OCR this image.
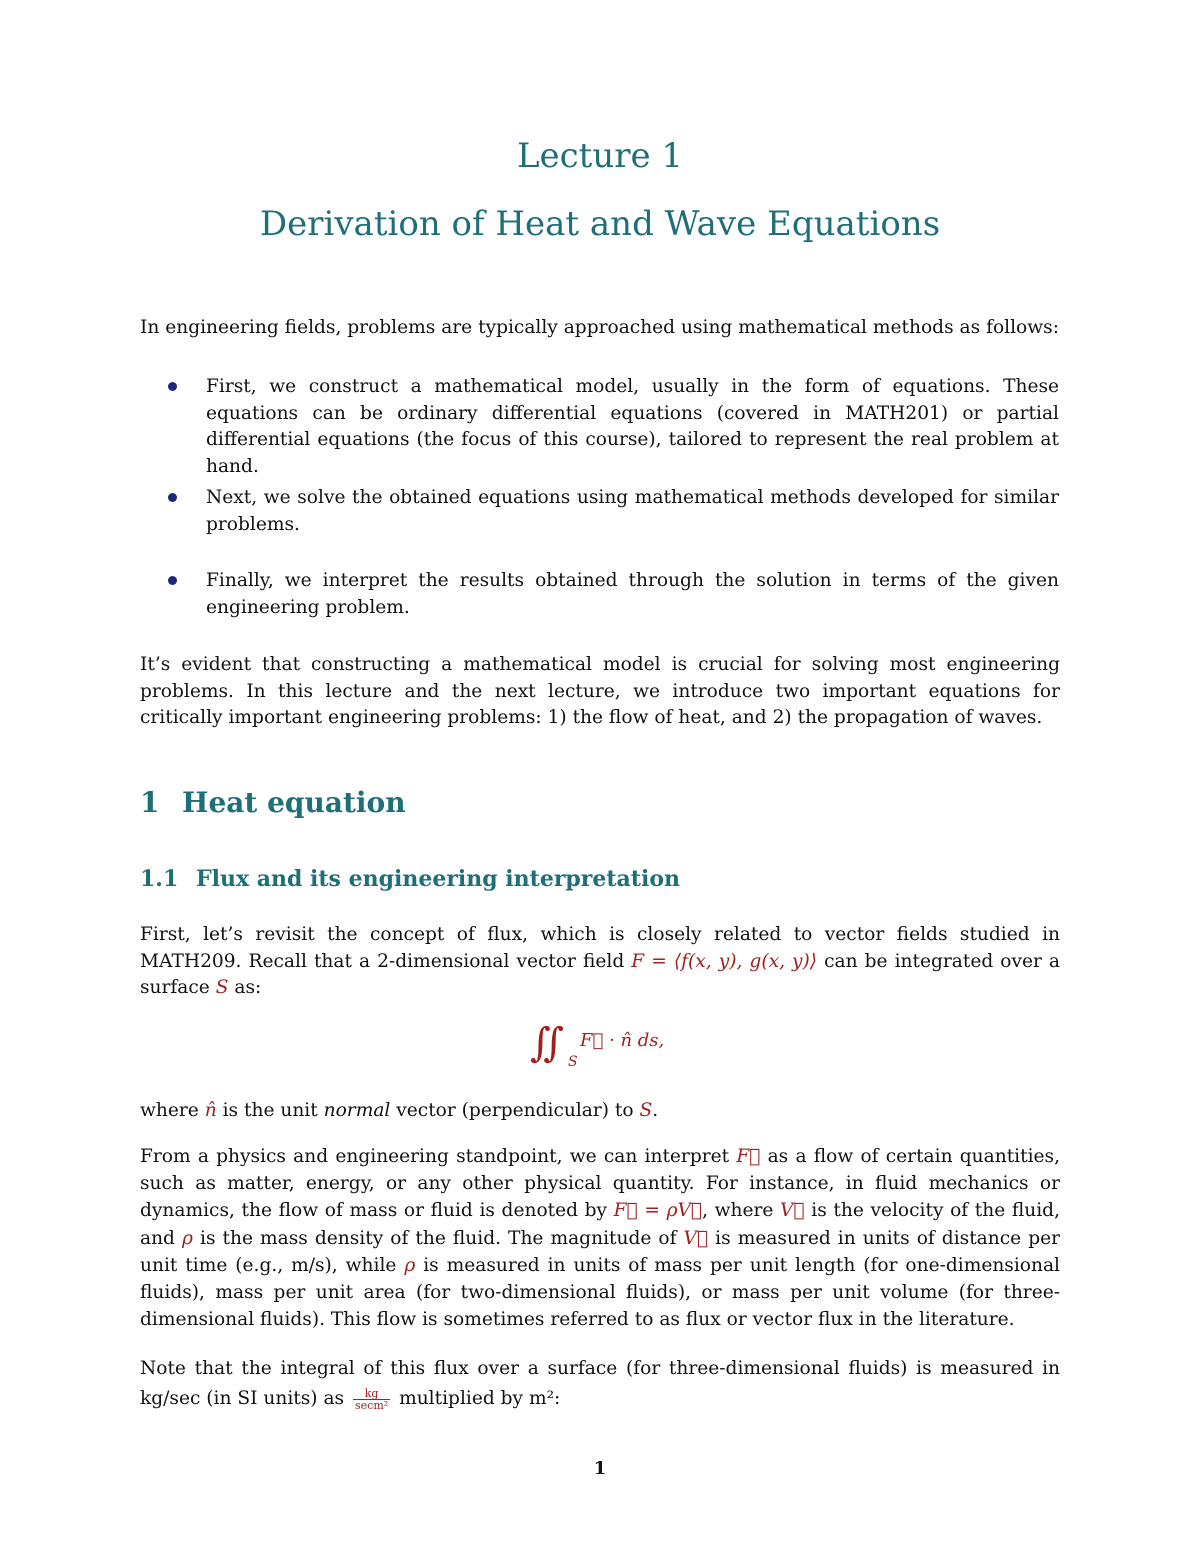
Lecture 1
Derivation of Heat and Wave Equations

In engineering fields, problems are typically approached using mathematical methods as follows:

First, we construct a mathematical model, usually in the form of equations. These equations can be ordinary differential equations (covered in MATH201) or partial differential equations (the focus of this course), tailored to represent the real problem at hand.

Next, we solve the obtained equations using mathematical methods developed for similar problems.

Finally, we interpret the results obtained through the solution in terms of the given engineering problem.

It’s evident that constructing a mathematical model is crucial for solving most engineering problems. In this lecture and the next lecture, we introduce two important equations for critically important engineering problems: 1) the flow of heat, and 2) the propagation of waves.

1 Heat equation
1.1 Flux and its engineering interpretation

First, let’s revisit the concept of flux, which is closely related to vector fields studied in MATH209. Recall that a 2-dimensional vector field F = ⟨f(x, y), g(x, y)⟩ can be integrated over a surface S as:

∬ S
F⃗ · n̂ ds,

where n̂ is the unit normal vector (perpendicular) to S.

From a physics and engineering standpoint, we can interpret F⃗ as a flow of certain quantities, such as matter, energy, or any other physical quantity. For instance, in fluid mechanics or dynamics, the flow of mass or fluid is denoted by F⃗ = ρV⃗, where V⃗ is the velocity of the fluid, and ρ is the mass density of the fluid. The magnitude of V⃗ is measured in units of distance per unit time (e.g., m/s), while ρ is measured in units of mass per unit length (for one-dimensional fluids), mass per unit area (for two-dimensional fluids), or mass per unit volume (for three-dimensional fluids). This flow is sometimes referred to as flux or vector flux in the literature.

Note that the integral of this flux over a surface (for three-dimensional fluids) is measured in kg/sec (in SI units) as $\frac{kg}{\text{secm²}}$ multiplied by m²:

1
